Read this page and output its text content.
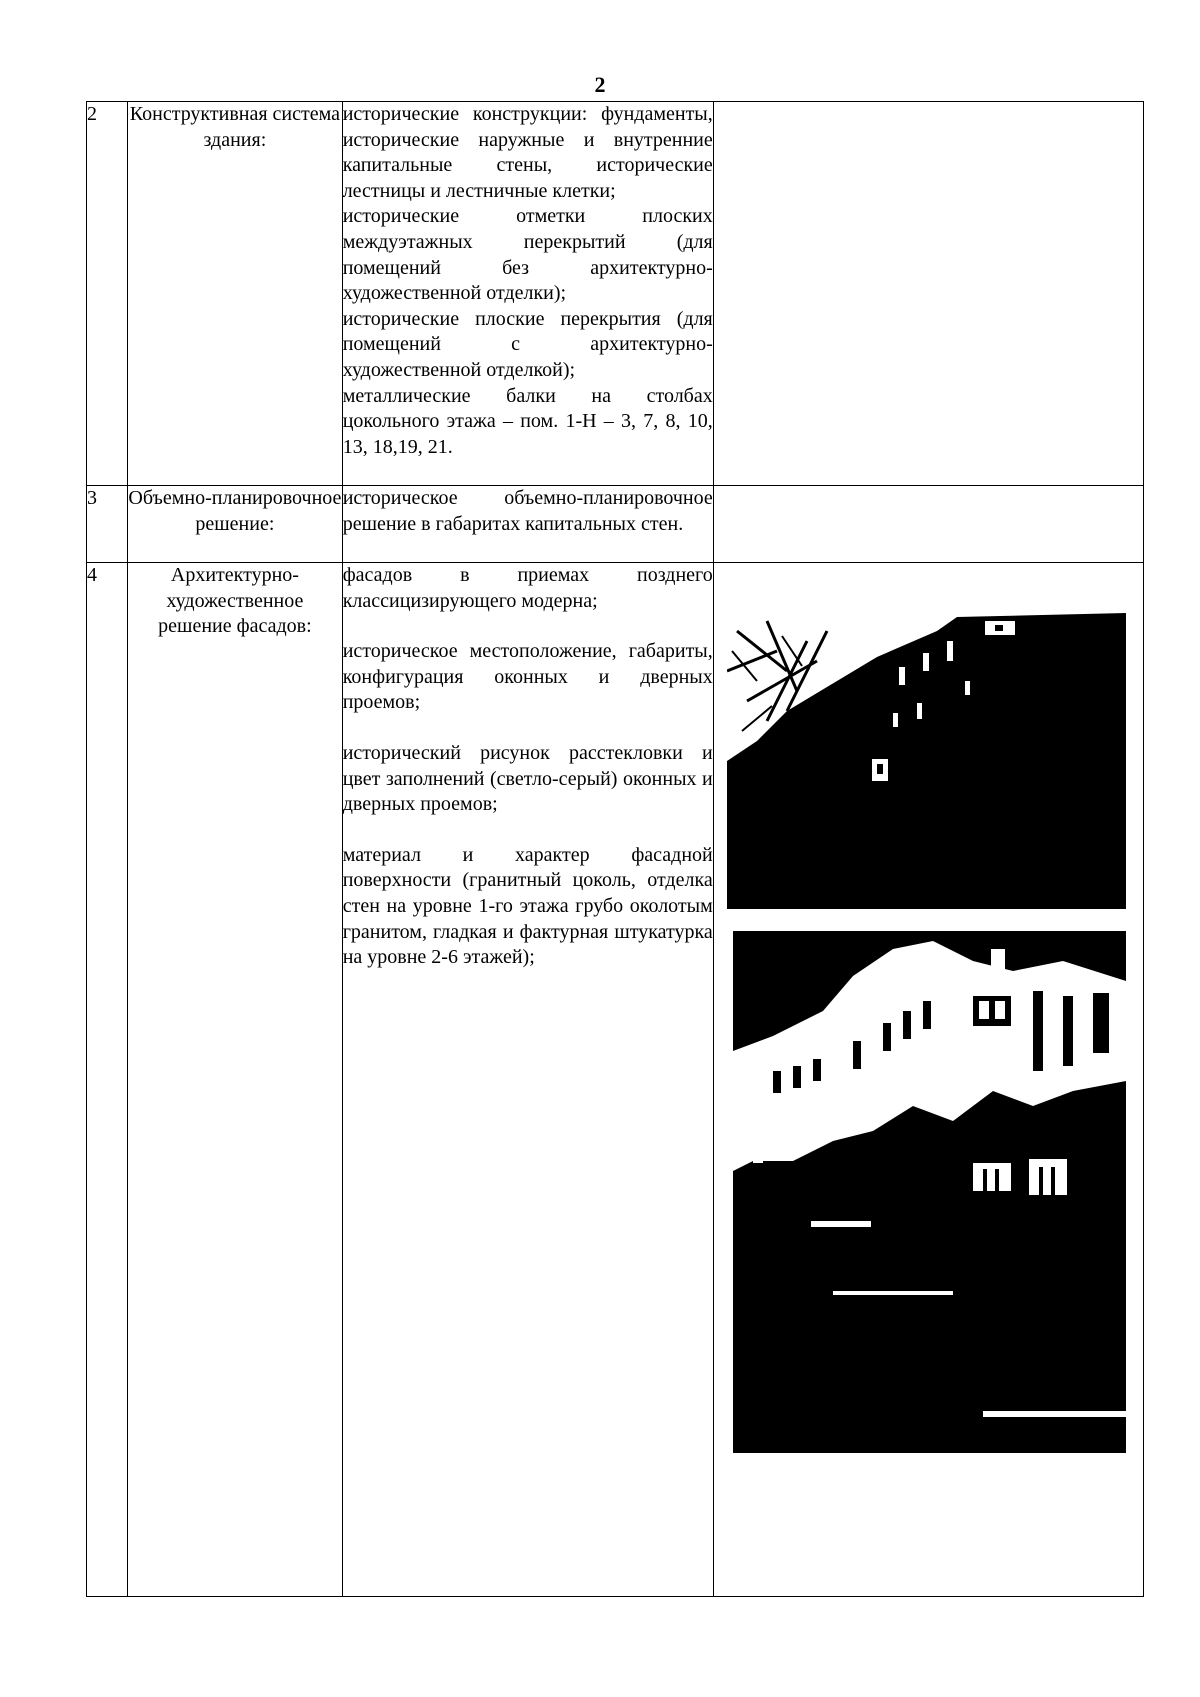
2
2	Конструктивная система здания:	исторические конструкции: фундаменты, исторические наружные и внутренние капитальные стены, исторические лестницы и лестничные клетки;

исторические отметки плоских междуэтажных перекрытий (для помещений без архитектурно-художественной отделки);

исторические плоские перекрытия (для помещений с архитектурно-художественной отделкой);

металлические балки на столбах цокольного этажа – пом. 1-Н – 3, 7, 8, 10, 13, 18,19, 21.	

3	Объемно-планировочное решение:	историческое объемно-планировочное решение в габаритах капитальных стен.	

4	Архитектурно-художественное решение фасадов:	фасадов в приемах позднего классицизирующего модерна;

историческое местоположение, габариты, конфигурация оконных и дверных проемов;

исторический рисунок расстекловки и цвет заполнений (светло-серый) оконных и дверных проемов;

материал и характер фасадной поверхности (гранитный цоколь, отделка стен на уровне 1-го этажа грубо околотым гранитом, гладкая и фактурная штукатурка на уровне 2-6 этажей);
